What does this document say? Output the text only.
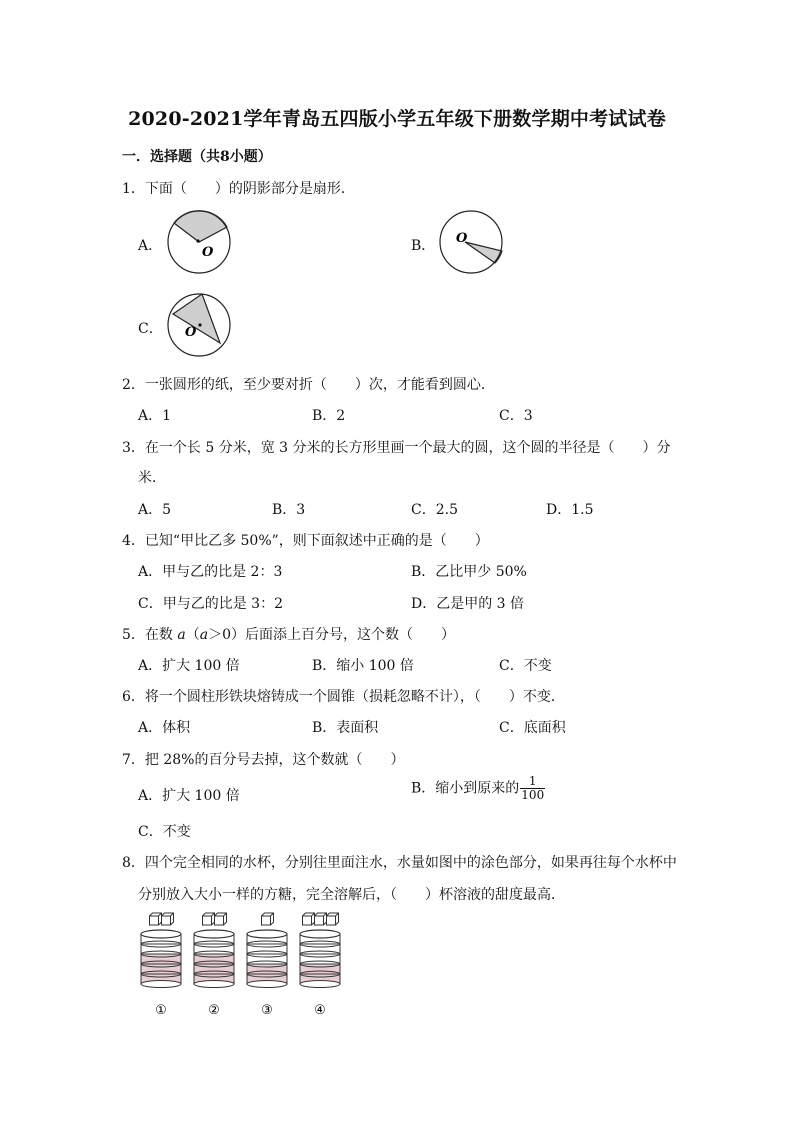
2020-2021学年青岛五四版小学五年级下册数学期中考试试卷
一．选择题（共8小题）
1．下面（　　）的阴影部分是扇形．
A．	O	B． O
C． O
2．一张圆形的纸，至少要对折（　　）次，才能看到圆心．
A．1	B．2	C．3
3．在一个长 5 分米，宽 3 分米的长方形里画一个最大的圆，这个圆的半径是（　　）分
米．
A．5	B．3	C．2.5	D．1.5
4．已知“甲比乙多 50%”，则下面叙述中正确的是（　　）
A．甲与乙的比是 2：3	B．乙比甲少 50%
C．甲与乙的比是 3：2	D．乙是甲的 3 倍
5．在数 a（a＞0）后面添上百分号，这个数（　　）
A．扩大 100 倍	B．缩小 100 倍	C．不变
6．将一个圆柱形铁块熔铸成一个圆锥（损耗忽略不计），（　　）不变．
A．体积	B．表面积	C．底面积
7．把 28%的百分号去掉，这个数就（　　）
A．扩大 100 倍	B．缩小到原来的 $\frac{1}{100}$
C．不变
8．四个完全相同的水杯，分别往里面注水，水量如图中的涂色部分，如果再往每个水杯中
分别放入大小一样的方糖，完全溶解后，（　　）杯溶液的甜度最高．
①	②	③	④
